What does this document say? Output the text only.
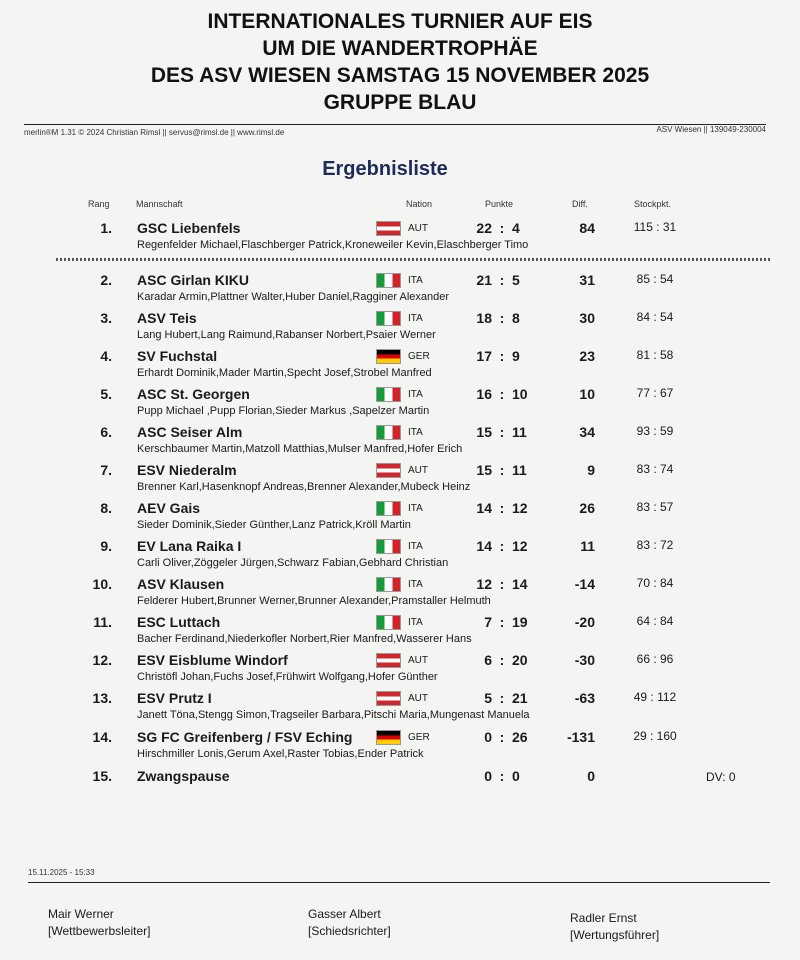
INTERNATIONALES TURNIER AUF EIS
UM DIE WANDERTROPHÄE
DES ASV WIESEN SAMSTAG 15 NOVEMBER 2025
GRUPPE BLAU
merlin®M 1.31 © 2024 Christian Rimsl || servus@rimsl.de || www.rimsl.de	ASV Wiesen || 139049-230004
Ergebnisliste
Rang	Mannschaft	Nation	Punkte	Diff.	Stockpkt.
1. GSC Liebenfels	AUT	22 : 4	84	115 : 31
Regenfelder Michael,Flaschberger Patrick,Kroneweiler Kevin,Elaschberger Timo
2. ASC Girlan KIKU	ITA	21 : 5	31	85 : 54
Karadar Armin,Plattner Walter,Huber Daniel,Ragginer Alexander
3. ASV Teis	ITA	18 : 8	30	84 : 54
Lang Hubert,Lang Raimund,Rabanser Norbert,Psaier Werner
4. SV Fuchstal	GER	17 : 9	23	81 : 58
Erhardt Dominik,Mader Martin,Specht Josef,Strobel Manfred
5. ASC St. Georgen	ITA	16 : 10	10	77 : 67
Pupp Michael ,Pupp Florian,Sieder Markus ,Sapelzer Martin
6. ASC Seiser Alm	ITA	15 : 11	34	93 : 59
Kerschbaumer Martin,Matzoll Matthias,Mulser Manfred,Hofer Erich
7. ESV Niederalm	AUT	15 : 11	9	83 : 74
Brenner Karl,Hasenknopf Andreas,Brenner Alexander,Mubeck Heinz
8. AEV Gais	ITA	14 : 12	26	83 : 57
Sieder Dominik,Sieder Günther,Lanz Patrick,Kröll Martin
9. EV Lana Raika I	ITA	14 : 12	11	83 : 72
Carli Oliver,Zöggeler Jürgen,Schwarz Fabian,Gebhard Christian
10. ASV Klausen	ITA	12 : 14	-14	70 : 84
Felderer Hubert,Brunner Werner,Brunner Alexander,Pramstaller Helmuth
11. ESC Luttach	ITA	7 : 19	-20	64 : 84
Bacher Ferdinand,Niederkofler Norbert,Rier Manfred,Wasserer Hans
12. ESV Eisblume Windorf	AUT	6 : 20	-30	66 : 96
Christöfl Johan,Fuchs Josef,Frühwirt Wolfgang,Hofer Günther
13. ESV Prutz I	AUT	5 : 21	-63	49 : 112
Janett Töna,Stengg Simon,Tragseiler Barbara,Pitschi Maria,Mungenast Manuela
14. SG FC Greifenberg / FSV Eching	GER	0 : 26	-131	29 : 160
Hirschmiller Lonis,Gerum Axel,Raster Tobias,Ender Patrick
15. Zwangspause	0 : 0	0	DV: 0
15.11.2025 - 15:33
Mair Werner
[Wettbewerbsleiter]
Gasser Albert
[Schiedsrichter]
Radler Ernst
[Wertungsführer]
